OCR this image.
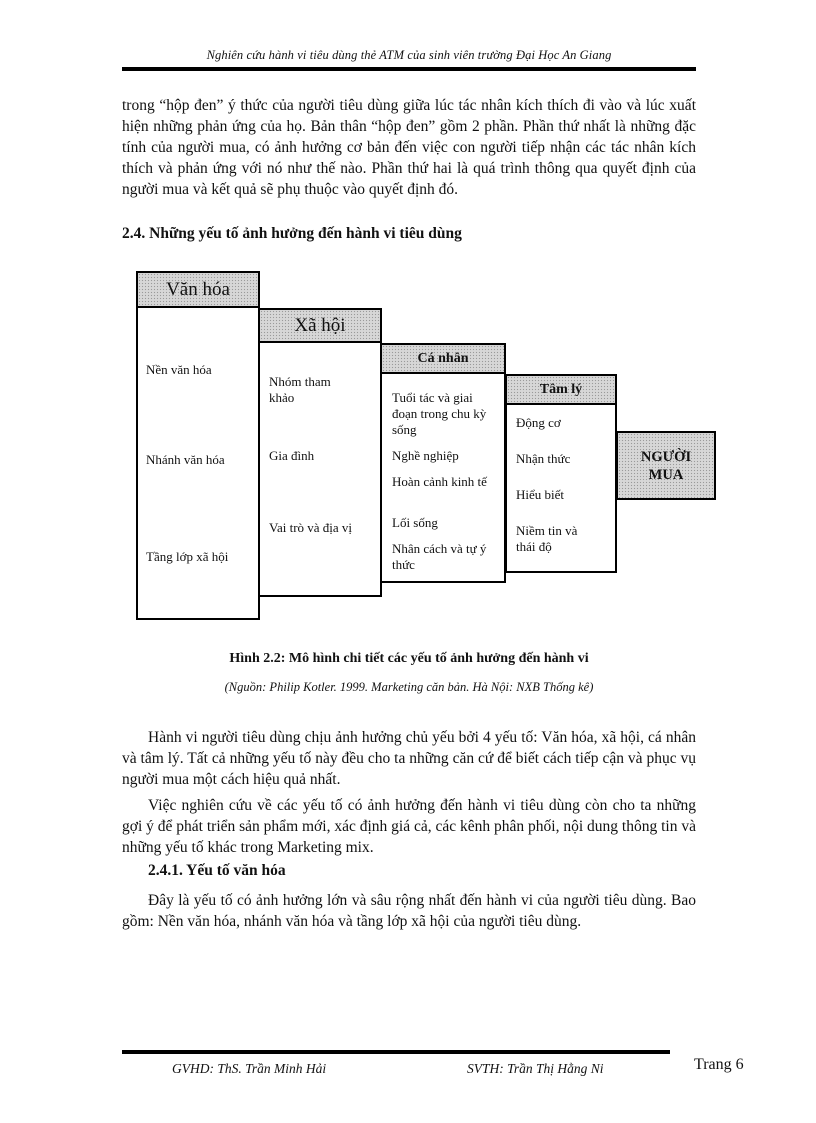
Nghiên cứu hành vi tiêu dùng thẻ ATM của sinh viên trường Đại Học An Giang

trong “hộp đen” ý thức của người tiêu dùng giữa lúc tác nhân kích thích đi vào và lúc xuất hiện những phản ứng của họ. Bản thân “hộp đen” gồm 2 phần. Phần thứ nhất là những đặc tính của người mua, có ảnh hưởng cơ bản đến việc con người tiếp nhận các tác nhân kích thích và phản ứng với nó như thế nào. Phần thứ hai là quá trình thông qua quyết định của người mua và kết quả sẽ phụ thuộc vào quyết định đó.

2.4. Những yếu tố ảnh hưởng đến hành vi tiêu dùng
Văn hóa
Nền văn hóa
Nhánh văn hóa
Tầng lớp xã hội
Xã hội
Nhóm tham khảo
Gia đình
Vai trò và địa vị
Cá nhân
Tuổi tác và giai đoạn trong chu kỳ sống
Nghề nghiệp
Hoàn cảnh kinh tế
Lối sống
Nhân cách và tự ý thức
Tâm lý
Động cơ
Nhận thức
Hiểu biết
Niềm tin và thái độ
NGƯỜI MUA
Hình 2.2: Mô hình chi tiết các yếu tố ảnh hưởng đến hành vi
(Nguồn: Philip Kotler. 1999. Marketing căn bản. Hà Nội: NXB Thống kê)

Hành vi người tiêu dùng chịu ảnh hưởng chủ yếu bởi 4 yếu tố: Văn hóa, xã hội, cá nhân và tâm lý. Tất cả những yếu tố này đều cho ta những căn cứ để biết cách tiếp cận và phục vụ người mua một cách hiệu quả nhất.

Việc nghiên cứu về các yếu tố có ảnh hưởng đến hành vi tiêu dùng còn cho ta những gợi ý để phát triển sản phẩm mới, xác định giá cả, các kênh phân phối, nội dung thông tin và những yếu tố khác trong Marketing mix.

2.4.1. Yếu tố văn hóa

Đây là yếu tố có ảnh hưởng lớn và sâu rộng nhất đến hành vi của người tiêu dùng. Bao gồm: Nền văn hóa, nhánh văn hóa và tầng lớp xã hội của người tiêu dùng.

GVHD: ThS. Trần Minh Hải	SVTH: Trần Thị Hằng Ni	Trang 6
